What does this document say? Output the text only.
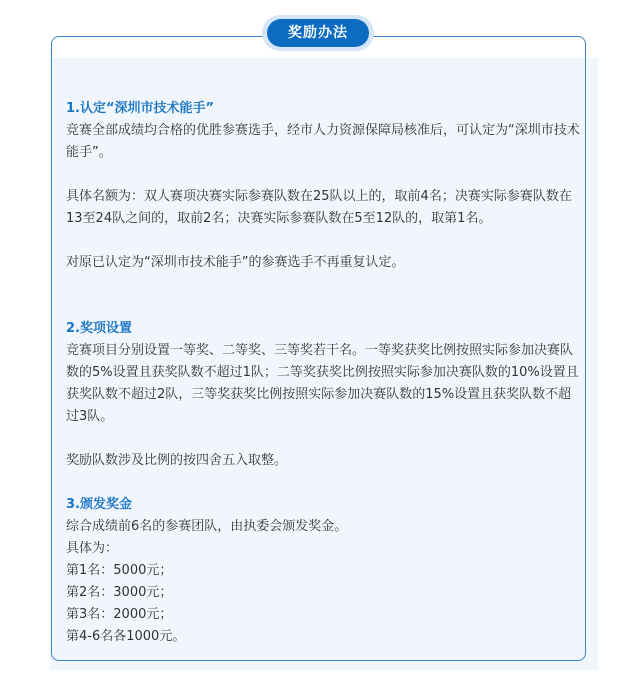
奖励办法

1.认定“深圳市技术能手”

竞赛全部成绩均合格的优胜参赛选手，经市人力资源保障局核准后，可认定为“深圳市技术能手”。

具体名额为：双人赛项决赛实际参赛队数在25队以上的，取前4名；决赛实际参赛队数在13至24队之间的，取前2名；决赛实际参赛队数在5至12队的，取第1名。

对原已认定为“深圳市技术能手”的参赛选手不再重复认定。

2.奖项设置

竞赛项目分别设置一等奖、二等奖、三等奖若干名。一等奖获奖比例按照实际参加决赛队数的5%设置且获奖队数不超过1队；二等奖获奖比例按照实际参加决赛队数的10%设置且获奖队数不超过2队，三等奖获奖比例按照实际参加决赛队数的15%设置且获奖队数不超过3队。

奖励队数涉及比例的按四舍五入取整。

3.颁发奖金

综合成绩前6名的参赛团队，由执委会颁发奖金。

具体为：

第1名：5000元；

第2名：3000元；

第3名：2000元；

第4-6名各1000元。
